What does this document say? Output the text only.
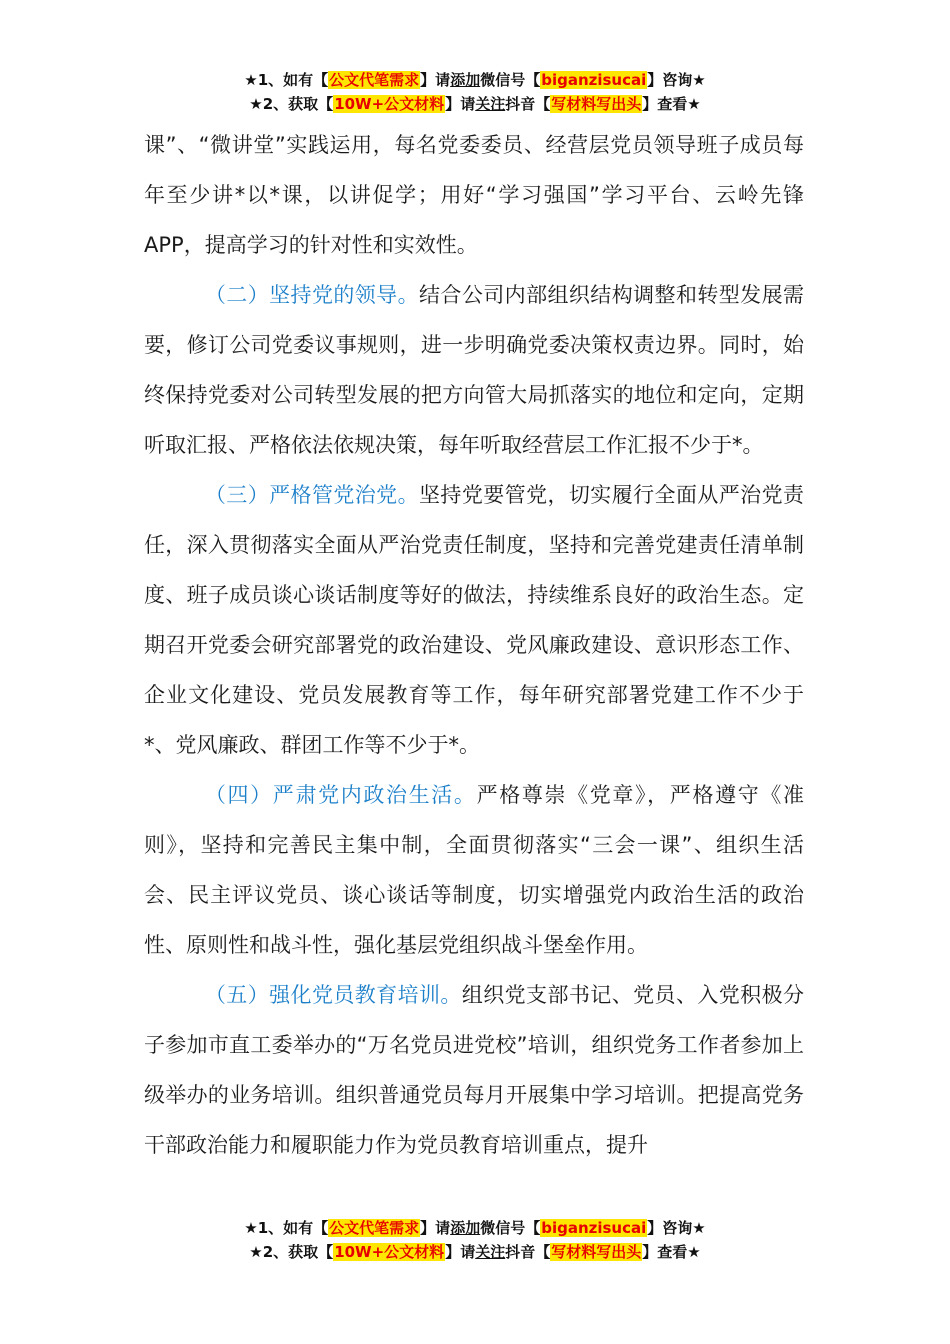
★1、如有【公文代笔需求】请添加微信号【biganzisucai】咨询★
★2、获取【10W+公文材料】请关注抖音【写材料写出头】查看★

课”、“微讲堂”实践运用，每名党委委员、经营层党员领导班子成员每年至少讲*以*课，以讲促学；用好“学习强国”学习平台、云岭先锋APP，提高学习的针对性和实效性。

（二）坚持党的领导。结合公司内部组织结构调整和转型发展需要，修订公司党委议事规则，进一步明确党委决策权责边界。同时，始终保持党委对公司转型发展的把方向管大局抓落实的地位和定向，定期听取汇报、严格依法依规决策，每年听取经营层工作汇报不少于*。

（三）严格管党治党。坚持党要管党，切实履行全面从严治党责任，深入贯彻落实全面从严治党责任制度，坚持和完善党建责任清单制度、班子成员谈心谈话制度等好的做法，持续维系良好的政治生态。定期召开党委会研究部署党的政治建设、党风廉政建设、意识形态工作、企业文化建设、党员发展教育等工作，每年研究部署党建工作不少于*、党风廉政、群团工作等不少于*。

（四）严肃党内政治生活。严格尊崇《党章》，严格遵守《准则》，坚持和完善民主集中制，全面贯彻落实“三会一课”、组织生活会、民主评议党员、谈心谈话等制度，切实增强党内政治生活的政治性、原则性和战斗性，强化基层党组织战斗堡垒作用。

（五）强化党员教育培训。组织党支部书记、党员、入党积极分子参加市直工委举办的“万名党员进党校”培训，组织党务工作者参加上级举办的业务培训。组织普通党员每月开展集中学习培训。把提高党务干部政治能力和履职能力作为党员教育培训重点，提升

★1、如有【公文代笔需求】请添加微信号【biganzisucai】咨询★
★2、获取【10W+公文材料】请关注抖音【写材料写出头】查看★
